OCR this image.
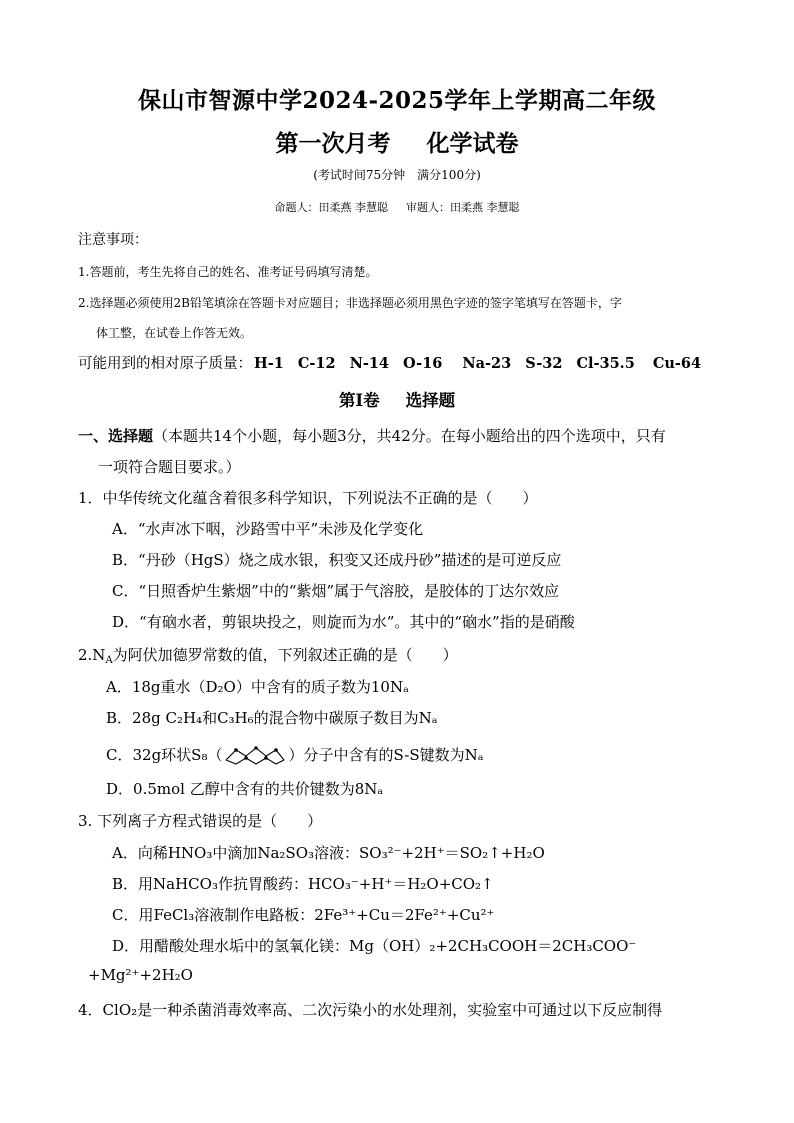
保山市智源中学2024-2025学年上学期高二年级
第一次月考 化学试卷
(考试时间75分钟　满分100分)
命题人：田柔燕 李慧聪 审题人：田柔燕 李慧聪
注意事项：
1.答题前，考生先将自己的姓名、准考证号码填写清楚。
2.选择题必须使用2B铅笔填涂在答题卡对应题目；非选择题必须用黑色字迹的签字笔填写在答题卡，字
体工整，在试卷上作答无效。
可能用到的相对原子质量： H-1 C-12 N-14 O-16 Na-23 S-32 Cl-35.5 Cu-64
第I卷 选择题
一、选择题（本题共14个小题，每小题3分，共42分。在每小题给出的四个选项中，只有
一项符合题目要求。）
1．中华传统文化蕴含着很多科学知识，下列说法不正确的是（　　）
A．“水声冰下咽，沙路雪中平”未涉及化学变化
B．“丹砂（HgS）烧之成水银，积变又还成丹砂”描述的是可逆反应
C．“日照香炉生紫烟”中的“紫烟”属于气溶胶，是胶体的丁达尔效应
D．“有硇水者，剪银块投之，则旋而为水”。其中的“硇水”指的是硝酸
$2.N_A$为阿伏加德罗常数的值，下列叙述正确的是（　　）
A．18g重水（D₂O）中含有的质子数为10Nₐ
B．28g C₂H₄和C₃H₆的混合物中碳原子数目为Nₐ
C．32g环状S₈（	）分子中含有的S-S键数为Nₐ
D．0.5mol 乙醇中含有的共价键数为8Nₐ
3. 下列离子方程式错误的是（　　）
A．向稀HNO₃中滴加Na₂SO₃溶液：SO₃²⁻+2H⁺＝SO₂↑+H₂O
B．用NaHCO₃作抗胃酸药：HCO₃⁻+H⁺＝H₂O+CO₂↑
C．用FeCl₃溶液制作电路板：2Fe³⁺+Cu＝2Fe²⁺+Cu²⁺
D．用醋酸处理水垢中的氢氧化镁：Mg（OH）₂+2CH₃COOH＝2CH₃COO⁻
+Mg²⁺+2H₂O
4．ClO₂是一种杀菌消毒效率高、二次污染小的水处理剂，实验室中可通过以下反应制得
